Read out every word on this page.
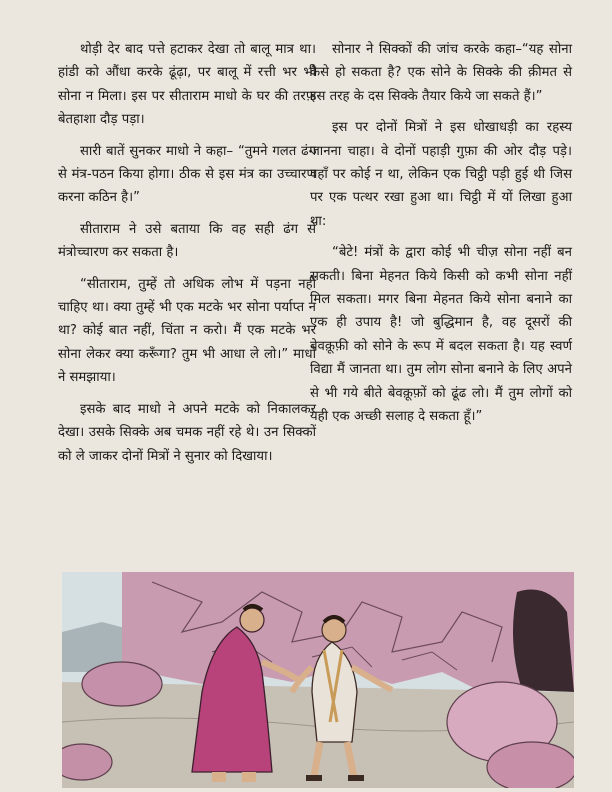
थोड़ी देर बाद पत्ते हटाकर देखा तो बालू मात्र था। हांडी को औंधा करके ढूंढ़ा, पर बालू में रत्ती भर भी सोना न मिला। इस पर सीताराम माधो के घर की तरफ़ बेतहाशा दौड़ पड़ा।

सारी बातें सुनकर माधो ने कहा– “तुमने गलत ढंग से मंत्र-पठन किया होगा। ठीक से इस मंत्र का उच्चारण करना कठिन है।”

सीताराम ने उसे बताया कि वह सही ढंग से मंत्रोच्चारण कर सकता है।

“सीताराम, तुम्हें तो अधिक लोभ में पड़ना नहीं चाहिए था। क्या तुम्हें भी एक मटके भर सोना पर्याप्त न था? कोई बात नहीं, चिंता न करो। मैं एक मटके भर सोना लेकर क्या करूँगा? तुम भी आधा ले लो।” माधो ने समझाया।

इसके बाद माधो ने अपने मटके को निकालकर देखा। उसके सिक्के अब चमक नहीं रहे थे। उन सिक्कों को ले जाकर दोनों मित्रों ने सुनार को दिखाया।

सोनार ने सिक्कों की जांच करके कहा–“यह सोना कैसे हो सकता है? एक सोने के सिक्के की क़ीमत से इस तरह के दस सिक्के तैयार किये जा सकते हैं।”

इस पर दोनों मित्रों ने इस धोखाधड़ी का रहस्य जानना चाहा। वे दोनों पहाड़ी गुफ़ा की ओर दौड़ पड़े। वहाँ पर कोई न था, लेकिन एक चिट्ठी पड़ी हुई थी जिस पर एक पत्थर रखा हुआ था। चिट्ठी में यों लिखा हुआ था:

“बेटे! मंत्रों के द्वारा कोई भी चीज़ सोना नहीं बन सकती। बिना मेहनत किये किसी को कभी सोना नहीं मिल सकता। मगर बिना मेहनत किये सोना बनाने का एक ही उपाय है! जो बुद्धिमान है, वह दूसरों की बेवक़ूफ़ी को सोने के रूप में बदल सकता है। यह स्वर्ण विद्या मैं जानता था। तुम लोग सोना बनाने के लिए अपने से भी गये बीते बेवक़ूफ़ों को ढूंढ लो। मैं तुम लोगों को यही एक अच्छी सलाह दे सकता हूँ।”
